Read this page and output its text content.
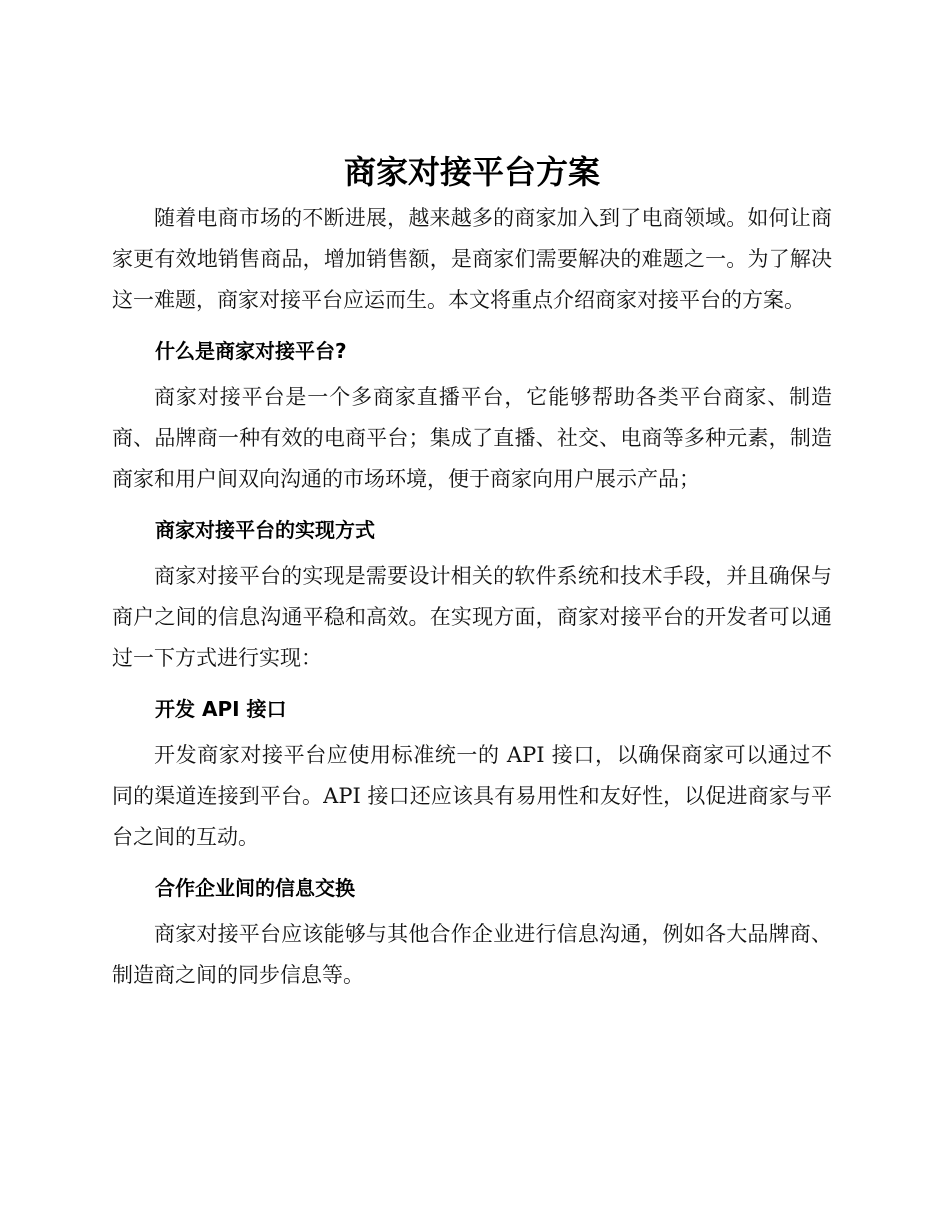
商家对接平台方案

随着电商市场的不断进展，越来越多的商家加入到了电商领域。如何让商家更有效地销售商品，增加销售额，是商家们需要解决的难题之一。为了解决这一难题，商家对接平台应运而生。本文将重点介绍商家对接平台的方案。

什么是商家对接平台?

商家对接平台是一个多商家直播平台，它能够帮助各类平台商家、制造商、品牌商一种有效的电商平台；集成了直播、社交、电商等多种元素，制造商家和用户间双向沟通的市场环境，便于商家向用户展示产品；

商家对接平台的实现方式

商家对接平台的实现是需要设计相关的软件系统和技术手段，并且确保与商户之间的信息沟通平稳和高效。在实现方面，商家对接平台的开发者可以通过一下方式进行实现：

开发 API 接口

开发商家对接平台应使用标准统一的 API 接口，以确保商家可以通过不同的渠道连接到平台。API 接口还应该具有易用性和友好性，以促进商家与平台之间的互动。

合作企业间的信息交换

商家对接平台应该能够与其他合作企业进行信息沟通，例如各大品牌商、制造商之间的同步信息等。
